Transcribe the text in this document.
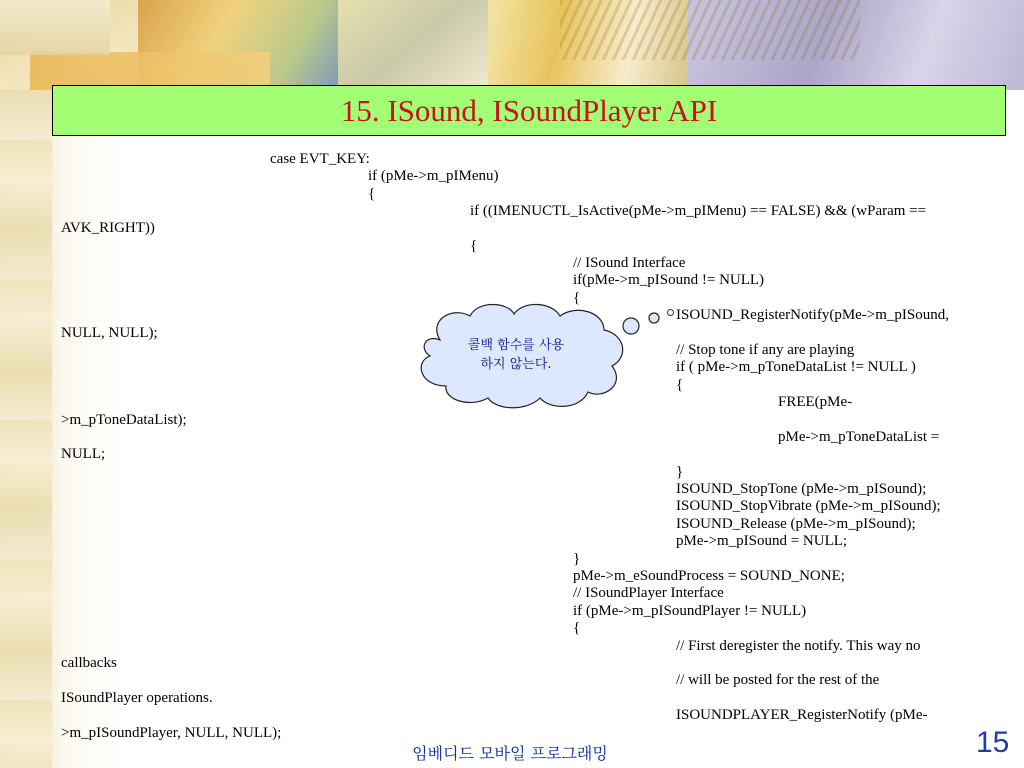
15. ISound, ISoundPlayer API
case EVT_KEY:
if (pMe->m_pIMenu)
{
if ((IMENUCTL_IsActive(pMe->m_pIMenu) == FALSE) && (wParam ==
AVK_RIGHT))
{
// ISound Interface
if(pMe->m_pISound != NULL)
{
ISOUND_RegisterNotify(pMe->m_pISound,
NULL, NULL);
// Stop tone if any are playing
if ( pMe->m_pToneDataList != NULL )
{
FREE(pMe-
>m_pToneDataList);
pMe->m_pToneDataList =
NULL;
}
ISOUND_StopTone (pMe->m_pISound);
ISOUND_StopVibrate (pMe->m_pISound);
ISOUND_Release (pMe->m_pISound);
pMe->m_pISound = NULL;
}
pMe->m_eSoundProcess = SOUND_NONE;
// ISoundPlayer Interface
if (pMe->m_pISoundPlayer != NULL)
{
// First deregister the notify. This way no
callbacks
// will be posted for the rest of the
ISoundPlayer operations.
ISOUNDPLAYER_RegisterNotify (pMe-
>m_pISoundPlayer, NULL, NULL);
콜백 함수를 사용
하지 않는다.
임베디드 모바일 프로그래밍	15
